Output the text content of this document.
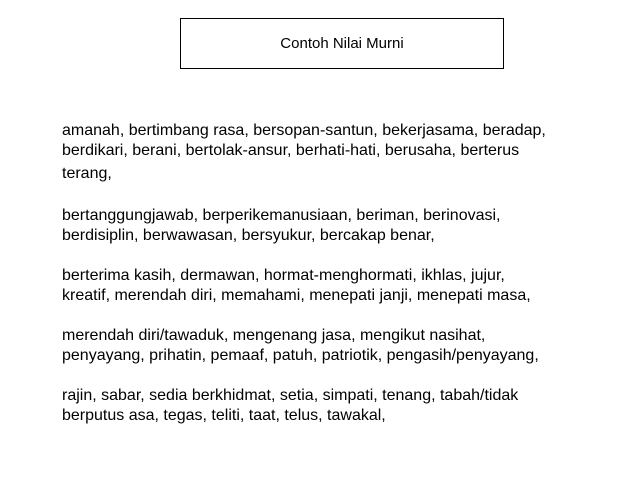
Contoh Nilai Murni
amanah, bertimbang rasa, bersopan-santun, bekerjasama, beradap,
berdikari, berani, bertolak-ansur, berhati-hati, berusaha, berterus
terang,
bertanggungjawab, berperikemanusiaan, beriman, berinovasi,
berdisiplin, berwawasan, bersyukur, bercakap benar,
berterima kasih, dermawan, hormat-menghormati, ikhlas, jujur,
kreatif, merendah diri, memahami, menepati janji, menepati masa,
merendah diri/tawaduk, mengenang jasa, mengikut nasihat,
penyayang, prihatin, pemaaf, patuh, patriotik, pengasih/penyayang,
rajin, sabar, sedia berkhidmat, setia, simpati, tenang, tabah/tidak
berputus asa, tegas, teliti, taat, telus, tawakal,
